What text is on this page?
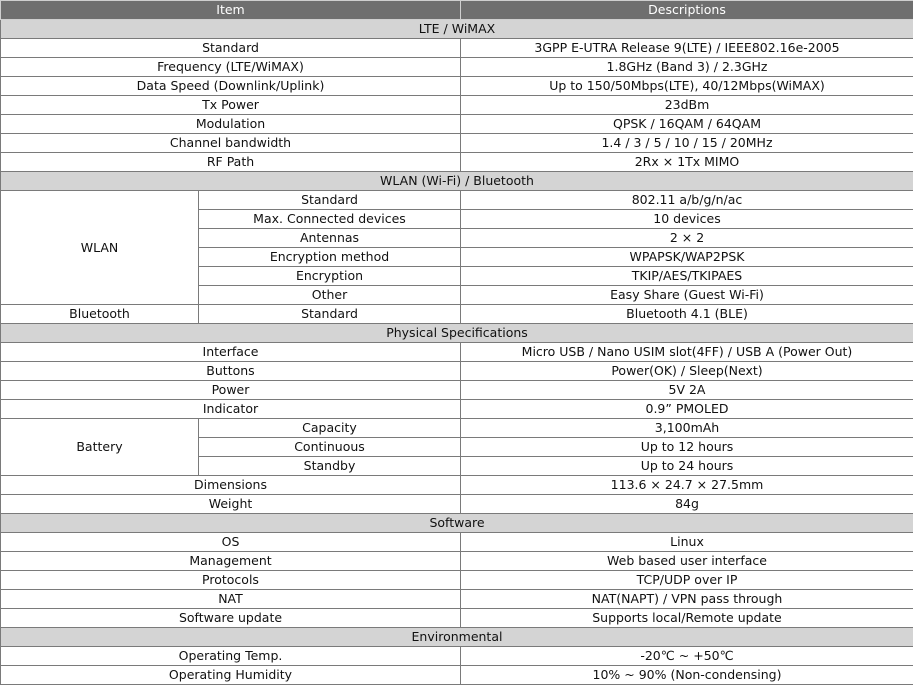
Item		Descriptions
LTE / WiMAX		
Standard		3GPP E-UTRA Release 9(LTE) / IEEE802.16e-2005
Frequency (LTE/WiMAX)		1.8GHz (Band 3) / 2.3GHz
Data Speed (Downlink/Uplink)		Up to 150/50Mbps(LTE), 40/12Mbps(WiMAX)
Tx Power		23dBm
Modulation		QPSK / 16QAM / 64QAM
Channel bandwidth		1.4 / 3 / 5 / 10 / 15 / 20MHz
RF Path		2Rx × 1Tx MIMO
WLAN (Wi-Fi) / Bluetooth		
WLAN	Standard	802.11 a/b/g/n/ac
	Max. Connected devices	10 devices
	Antennas	2 × 2
	Encryption method	WPAPSK/WAP2PSK
	Encryption	TKIP/AES/TKIPAES
	Other	Easy Share (Guest Wi-Fi)
Bluetooth	Standard	Bluetooth 4.1 (BLE)
Physical Specifications		
Interface		Micro USB / Nano USIM slot(4FF) / USB A (Power Out)
Buttons		Power(OK) / Sleep(Next)
Power		5V 2A
Indicator		0.9” PMOLED
Battery	Capacity	3,100mAh
	Continuous	Up to 12 hours
	Standby	Up to 24 hours
Dimensions		113.6 × 24.7 × 27.5mm
Weight		84g
Software		
OS		Linux
Management		Web based user interface
Protocols		TCP/UDP over IP
NAT		NAT(NAPT) / VPN pass through
Software update		Supports local/Remote update
Environmental		
Operating Temp.		-20℃ ~ +50℃
Operating Humidity		10% ~ 90% (Non-condensing)
